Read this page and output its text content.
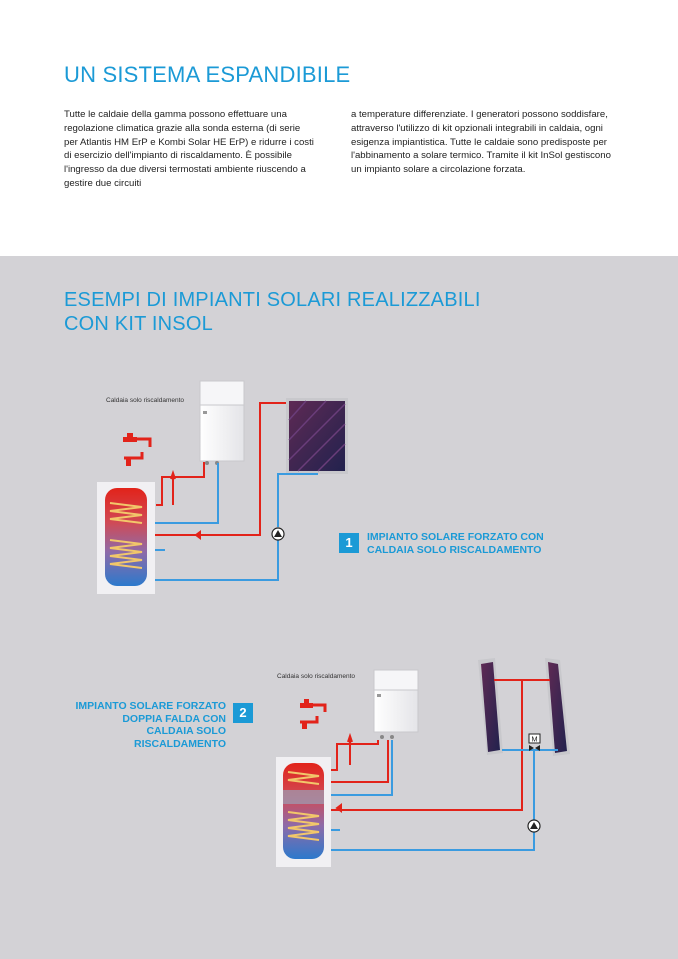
UN SISTEMA ESPANDIBILE

Tutte le caldaie della gamma possono effettuare una regolazione climatica grazie alla sonda esterna (di serie per Atlantis HM ErP e Kombi Solar HE ErP) e ridurre i costi di esercizio dell'impianto di riscaldamento. È possibile l'ingresso da due diversi termostati ambiente riuscendo a gestire due circuiti

a temperature differenziate. I generatori possono soddisfare, attraverso l'utilizzo di kit opzionali integrabili in caldaia, ogni esigenza impiantistica. Tutte le caldaie sono predisposte per l'abbinamento a solare termico. Tramite il kit InSol gestiscono un impianto solare a circolazione forzata.

ESEMPI DI IMPIANTI SOLARI REALIZZABILI
CON KIT INSOL
M
Caldaia solo riscaldamento
Caldaia solo riscaldamento
1	IMPIANTO SOLARE FORZATO CON
CALDAIA SOLO RISCALDAMENTO

2

IMPIANTO SOLARE FORZATO
DOPPIA FALDA CON
CALDAIA SOLO
RISCALDAMENTO
